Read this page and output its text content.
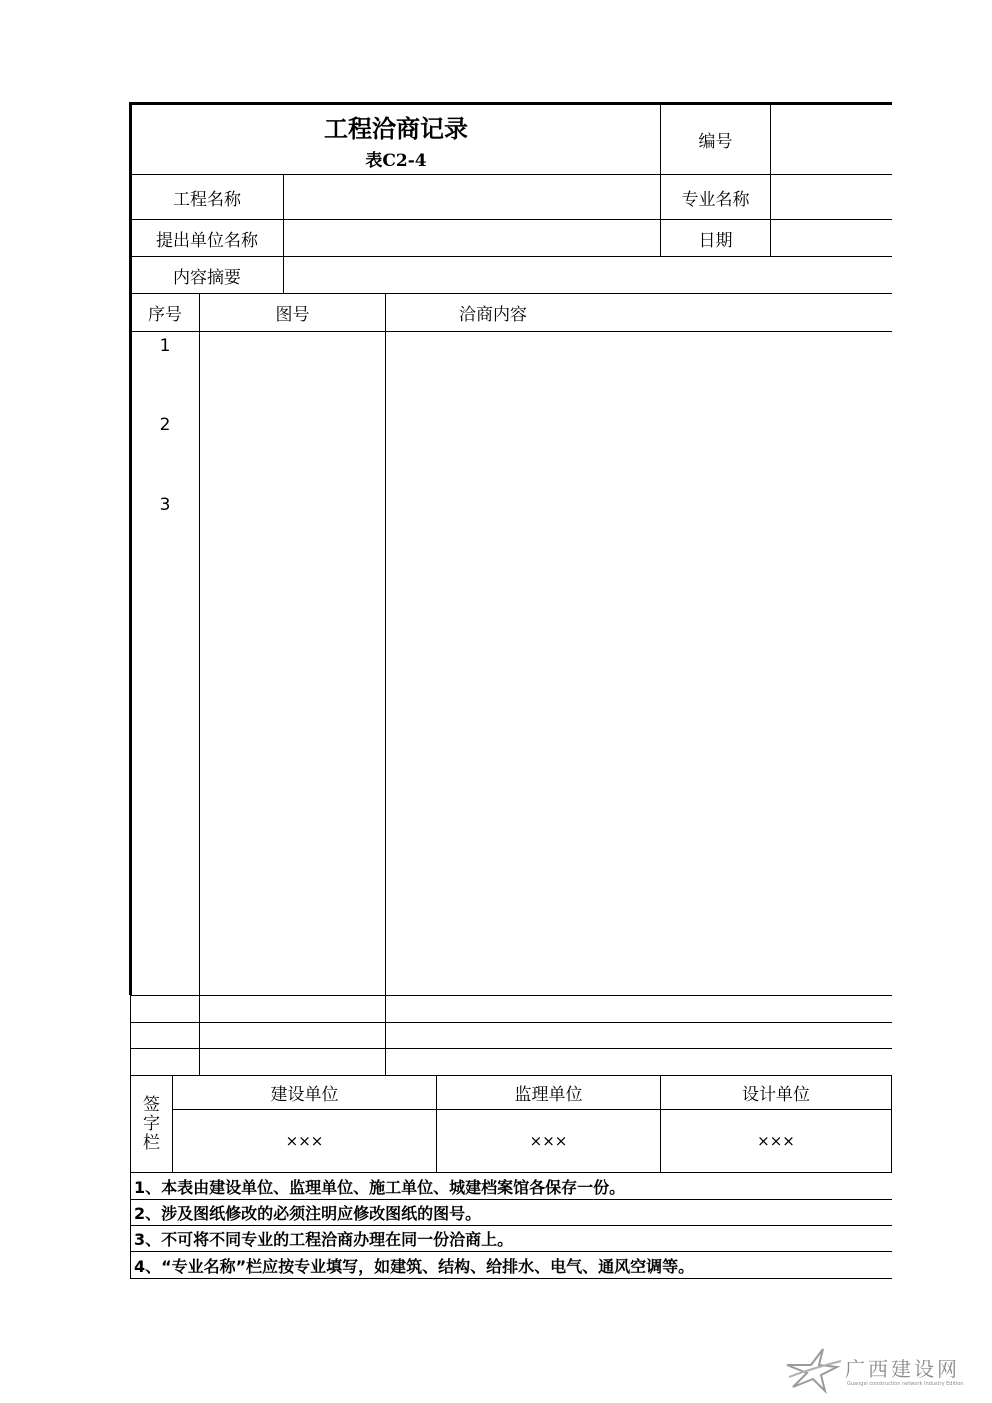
工程洽商记录
表C2-4
编号
工程名称	专业名称
提出单位名称	日期
内容摘要
序号	图号	洽商内容
1
2
3
签
字
栏
建设单位	监理单位	设计单位
×××	×××	×××
1、本表由建设单位、监理单位、施工单位、城建档案馆各保存一份。
2、涉及图纸修改的必须注明应修改图纸的图号。
3、不可将不同专业的工程洽商办理在同一份洽商上。
4、“专业名称”栏应按专业填写，如建筑、结构、给排水、电气、通风空调等。
广西建设网
Guangxi construction network Industry Edition
